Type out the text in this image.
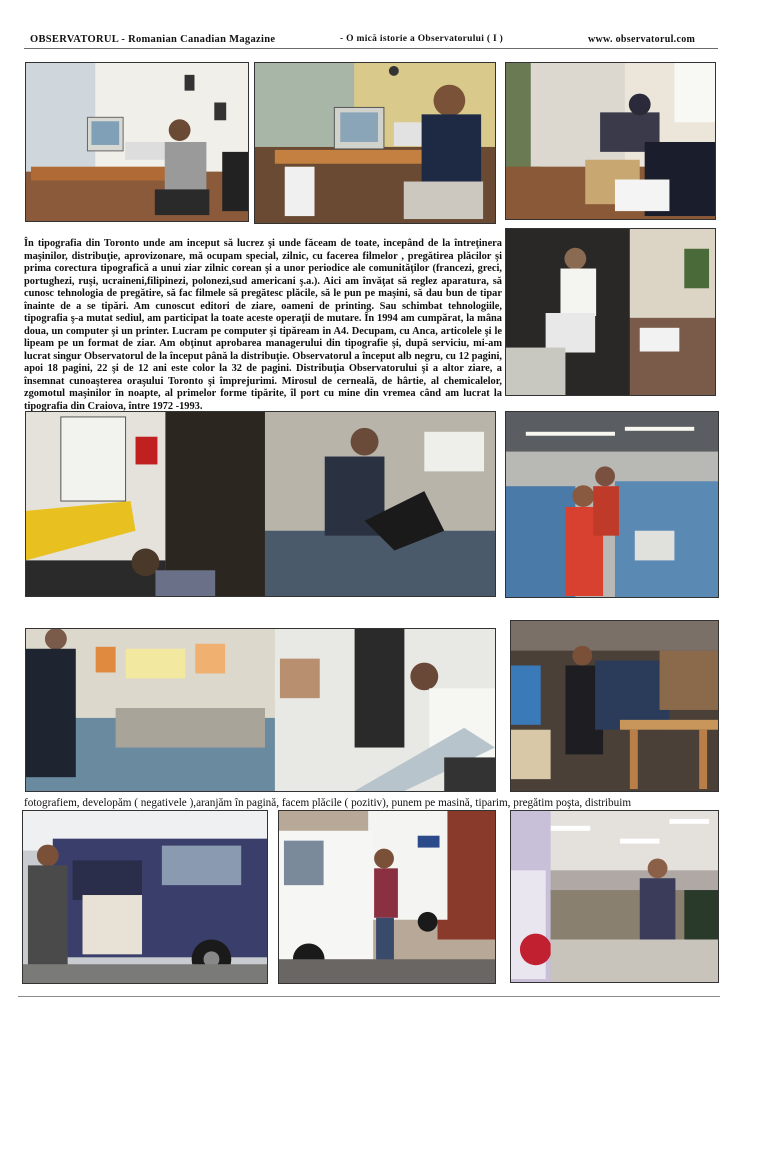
OBSERVATORUL - Romanian Canadian Magazine	- O mică istorie a Observatorului ( I )	www. observatorul.com
În tipografia din Toronto unde am inceput să lucrez şi unde făceam de toate, incepând de la întreţinera maşinilor, distribuţie, aprovizonare, mă ocupam special, zilnic, cu facerea filmelor , pregătirea plăcilor şi prima corectura tipografică a unui ziar zilnic corean şi a unor periodice ale comunităţilor (francezi, greci, portughezi, ruşi, ucraineni,filipinezi, polonezi,sud americani ş.a.). Aici am învăţat să reglez aparatura, să cunosc tehnologia de pregătire, să fac filmele să pregătesc plăcile, să le pun pe maşini, să dau bun de tipar înainte de a se tipări. Am cunoscut editori de ziare, oameni de printing. Sau schimbat tehnologiile, tipografia ş-a mutat sediul, am participat la toate aceste operaţii de mutare. În 1994 am cumpărat, la mâna doua, un computer şi un printer. Lucram pe computer şi tipăream in A4. Decupam, cu Anca, articolele şi le lipeam pe un format de ziar. Am obţinut aprobarea managerului din tipografie şi, după serviciu, mi-am lucrat singur Observatorul de la început până la distribuţie. Observatorul a început alb negru, cu 12 pagini, apoi 18 pagini, 22 şi de 12 ani este color la 32 de pagini. Distribuţia Observatorului şi a altor ziare, a însemnat cunoaşterea oraşului Toronto şi împrejurimi. Mirosul de cerneală, de hârtie, al chemicalelor, zgomotul maşinilor în noapte, al primelor forme tipărite, îl port cu mine din vremea când am lucrat la tipografia din Craiova, între 1972 -1993.
fotografiem, developăm ( negativele ),aranjăm în pagină, facem plăcile ( pozitiv), punem pe masină, tiparim, pregătim poşta, distribuim
